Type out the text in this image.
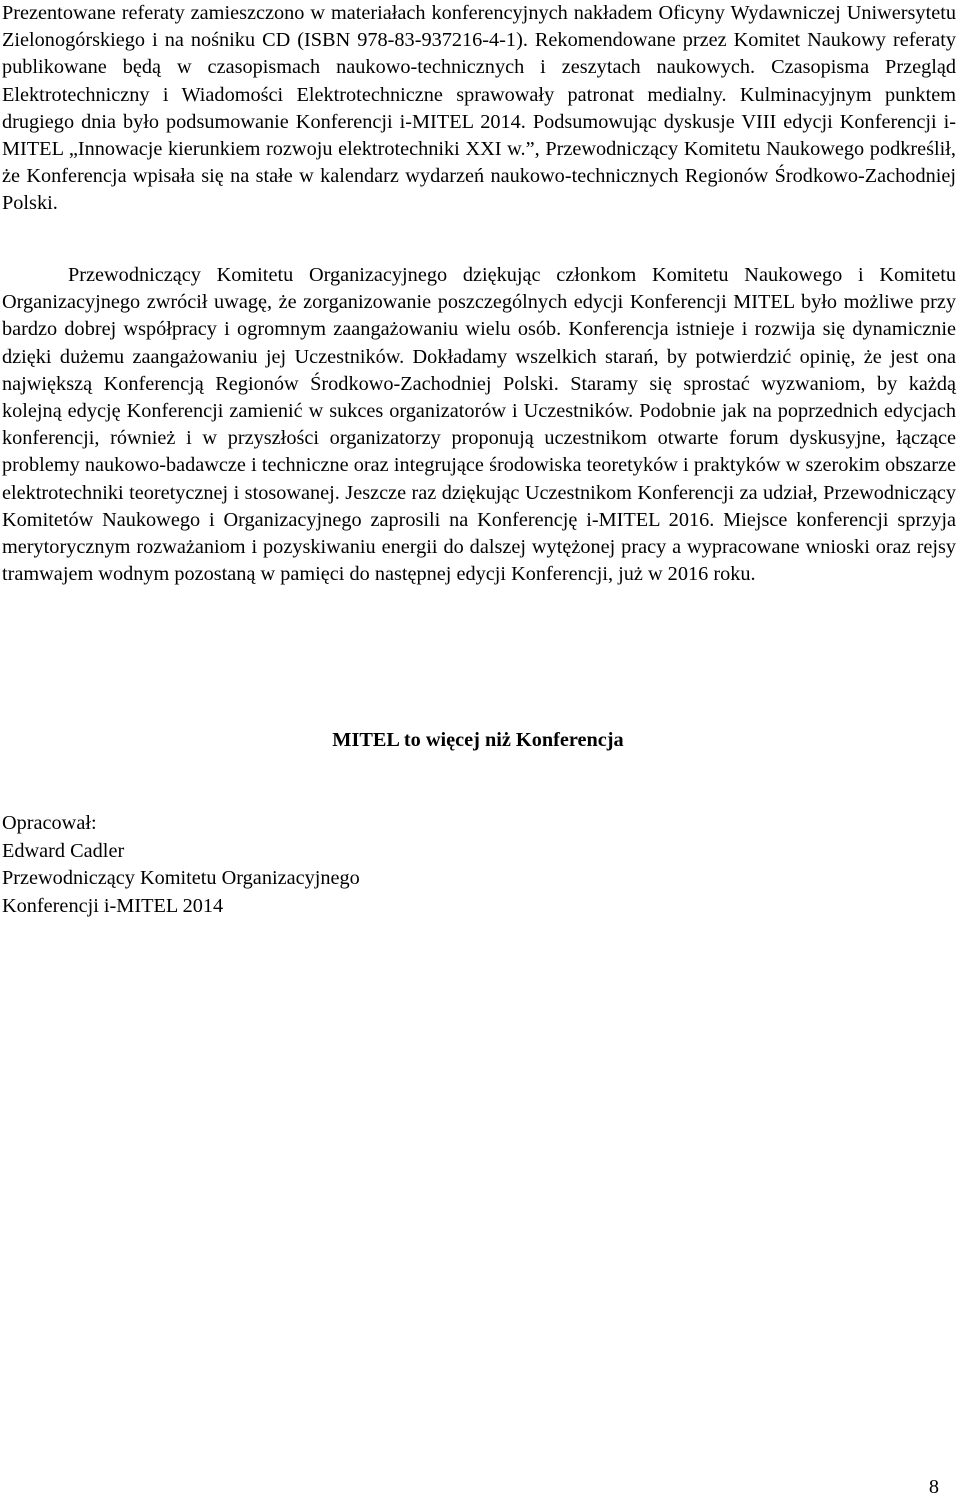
Prezentowane referaty zamieszczono w materiałach konferencyjnych nakładem Oficyny Wydawniczej Uniwersytetu Zielonogórskiego i na nośniku CD (ISBN 978-83-937216-4-1). Rekomendowane przez Komitet Naukowy referaty publikowane będą w czasopismach naukowo-technicznych i zeszytach naukowych. Czasopisma Przegląd Elektrotechniczny i Wiadomości Elektrotechniczne sprawowały patronat medialny. Kulminacyjnym punktem drugiego dnia było podsumowanie Konferencji i-MITEL 2014. Podsumowując dyskusje VIII edycji Konferencji i-MITEL „Innowacje kierunkiem rozwoju elektrotechniki XXI w.”, Przewodniczący Komitetu Naukowego podkreślił, że Konferencja wpisała się na stałe w kalendarz wydarzeń naukowo-technicznych Regionów Środkowo-Zachodniej Polski.

Przewodniczący Komitetu Organizacyjnego dziękując członkom Komitetu Naukowego i Komitetu Organizacyjnego zwrócił uwagę, że zorganizowanie poszczególnych edycji Konferencji MITEL było możliwe przy bardzo dobrej współpracy i ogromnym zaangażowaniu wielu osób. Konferencja istnieje i rozwija się dynamicznie dzięki dużemu zaangażowaniu jej Uczestników. Dokładamy wszelkich starań, by potwierdzić opinię, że jest ona największą Konferencją Regionów Środkowo-Zachodniej Polski. Staramy się sprostać wyzwaniom, by każdą kolejną edycję Konferencji zamienić w sukces organizatorów i Uczestników. Podobnie jak na poprzednich edycjach konferencji, również i w przyszłości organizatorzy proponują uczestnikom otwarte forum dyskusyjne, łączące problemy naukowo-badawcze i techniczne oraz integrujące środowiska teoretyków i praktyków w szerokim obszarze elektrotechniki teoretycznej i stosowanej. Jeszcze raz dziękując Uczestnikom Konferencji za udział, Przewodniczący Komitetów Naukowego i Organizacyjnego zaprosili na Konferencję i-MITEL 2016. Miejsce konferencji sprzyja merytorycznym rozważaniom i pozyskiwaniu energii do dalszej wytężonej pracy a wypracowane wnioski oraz rejsy tramwajem wodnym pozostaną w pamięci do następnej edycji Konferencji, już w 2016 roku.

MITEL to więcej niż Konferencja
Opracował:
Edward Cadler
Przewodniczący Komitetu Organizacyjnego
Konferencji i-MITEL 2014
8
